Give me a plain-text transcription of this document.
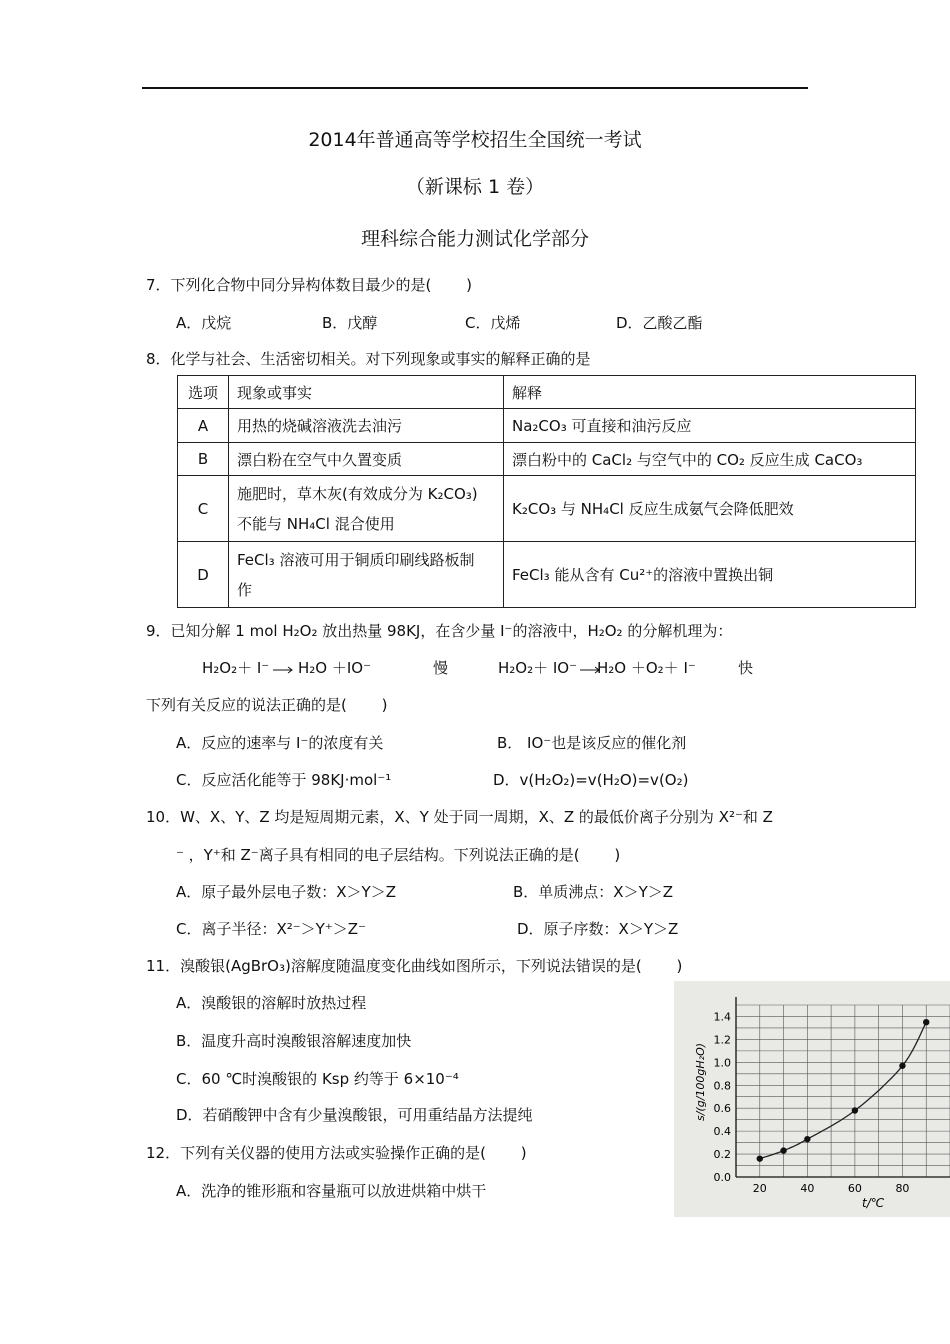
2014年普通高等学校招生全国统一考试
（新课标 1 卷）
理科综合能力测试化学部分
7．下列化合物中同分异构体数目最少的是(　　 )
A．戊烷	B．戊醇	C．戊烯	D．乙酸乙酯
8．化学与社会、生活密切相关。对下列现象或事实的解释正确的是
选项	现象或事实	解释
A	用热的烧碱溶液洗去油污	Na₂CO₃ 可直接和油污反应
B	漂白粉在空气中久置变质	漂白粉中的 CaCl₂ 与空气中的 CO₂ 反应生成 CaCO₃
C	施肥时，草木灰(有效成分为 K₂CO₃)
不能与 NH₄Cl 混合使用	K₂CO₃ 与 NH₄Cl 反应生成氨气会降低肥效
D	FeCl₃ 溶液可用于铜质印刷线路板制
作	FeCl₃ 能从含有 Cu²⁺的溶液中置换出铜
9．已知分解 1 mol H₂O₂ 放出热量 98KJ，在含少量 I⁻的溶液中，H₂O₂ 的分解机理为：
H₂O₂＋ I⁻ H₂O ＋IO⁻	慢	H₂O₂＋ IO⁻ H₂O ＋O₂＋ I⁻	快
下列有关反应的说法正确的是(　　 )
A．反应的速率与 I⁻的浓度有关	B． IO⁻也是该反应的催化剂
C．反应活化能等于 98KJ·mol⁻¹	D．v(H₂O₂)=v(H₂O)=v(O₂)
10．W、X、Y、Z 均是短周期元素，X、Y 处于同一周期，X、Z 的最低价离子分别为 X²⁻和 Z
⁻ ，Y⁺和 Z⁻离子具有相同的电子层结构。下列说法正确的是(　　 )
A．原子最外层电子数：X＞Y＞Z	B．单质沸点：X＞Y＞Z
C．离子半径：X²⁻＞Y⁺＞Z⁻	D．原子序数：X＞Y＞Z
11．溴酸银(AgBrO₃)溶解度随温度变化曲线如图所示，下列说法错误的是(　　 )
A．溴酸银的溶解时放热过程
B．温度升高时溴酸银溶解速度加快
C．60 ℃时溴酸银的 Ksp 约等于 6×10⁻⁴
D．若硝酸钾中含有少量溴酸银，可用重结晶方法提纯
12．下列有关仪器的使用方法或实验操作正确的是(　　 )
A．洗净的锥形瓶和容量瓶可以放进烘箱中烘干	20	40	60	80
0.0
0.2
0.4
0.6
0.8
1.0
1.2
1.4
t/℃
s/(g/100gH₂O)
